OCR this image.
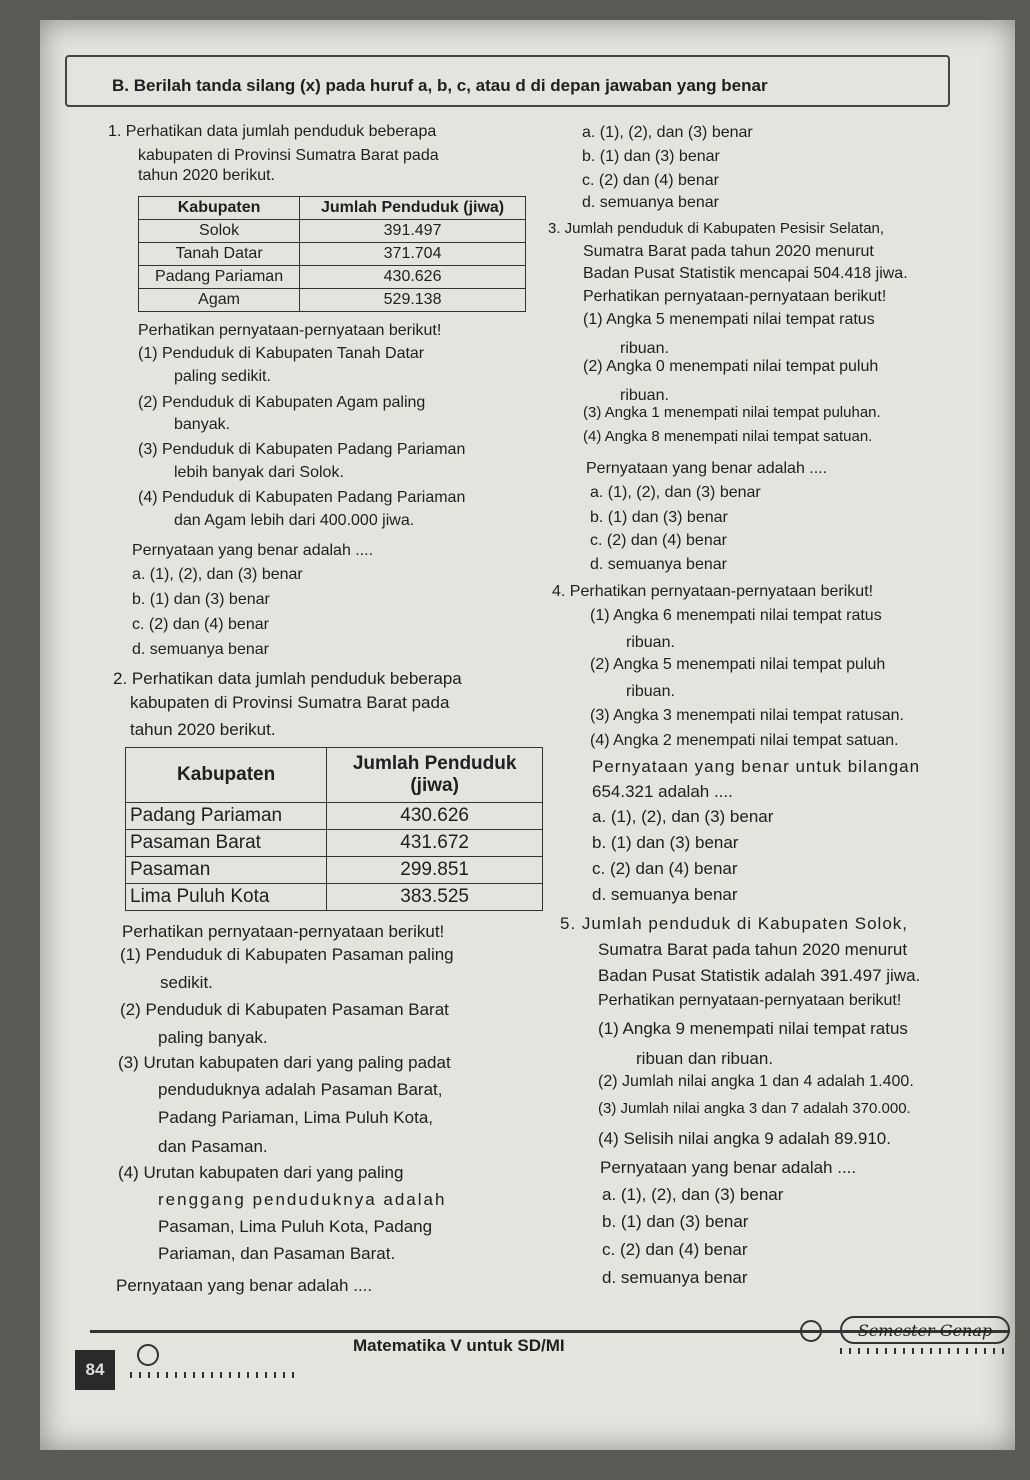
B. Berilah tanda silang (x) pada huruf a, b, c, atau d di depan jawaban yang benar
a. (1), (2), dan (3) benar
b. (1) dan (3) benar
c. (2) dan (4) benar
d. semuanya benar
1. Perhatikan data jumlah penduduk beberapa
kabupaten di Provinsi Sumatra Barat pada
tahun 2020 berikut.
Kabupaten	Jumlah Penduduk (jiwa)
Solok	391.497
Tanah Datar	371.704
Padang Pariaman	430.626
Agam	529.138
Perhatikan pernyataan-pernyataan berikut!
(1) Penduduk di Kabupaten Tanah Datar
paling sedikit.
(2) Penduduk di Kabupaten Agam paling
banyak.
(3) Penduduk di Kabupaten Padang Pariaman
lebih banyak dari Solok.
(4) Penduduk di Kabupaten Padang Pariaman
dan Agam lebih dari 400.000 jiwa.
Pernyataan yang benar adalah ....
a. (1), (2), dan (3) benar
b. (1) dan (3) benar
c. (2) dan (4) benar
d. semuanya benar
2. Perhatikan data jumlah penduduk beberapa
kabupaten di Provinsi Sumatra Barat pada
tahun 2020 berikut.
Kabupaten	Jumlah Penduduk
(jiwa)
Padang Pariaman	430.626
Pasaman Barat	431.672
Pasaman	299.851
Lima Puluh Kota	383.525
Perhatikan pernyataan-pernyataan berikut!
(1) Penduduk di Kabupaten Pasaman paling
sedikit.
(2) Penduduk di Kabupaten Pasaman Barat
paling banyak.
(3) Urutan kabupaten dari yang paling padat
penduduknya adalah Pasaman Barat,
Padang Pariaman, Lima Puluh Kota,
dan Pasaman.
(4) Urutan kabupaten dari yang paling
renggang penduduknya adalah
Pasaman, Lima Puluh Kota, Padang
Pariaman, dan Pasaman Barat.
Pernyataan yang benar adalah ....
3. Jumlah penduduk di Kabupaten Pesisir Selatan,
Sumatra Barat pada tahun 2020 menurut
Badan Pusat Statistik mencapai 504.418 jiwa.
Perhatikan pernyataan-pernyataan berikut!
(1) Angka 5 menempati nilai tempat ratus
ribuan.
(2) Angka 0 menempati nilai tempat puluh
ribuan.
(3) Angka 1 menempati nilai tempat puluhan.
(4) Angka 8 menempati nilai tempat satuan.
Pernyataan yang benar adalah ....
a. (1), (2), dan (3) benar
b. (1) dan (3) benar
c. (2) dan (4) benar
d. semuanya benar
4. Perhatikan pernyataan-pernyataan berikut!
(1) Angka 6 menempati nilai tempat ratus
ribuan.
(2) Angka 5 menempati nilai tempat puluh
ribuan.
(3) Angka 3 menempati nilai tempat ratusan.
(4) Angka 2 menempati nilai tempat satuan.
Pernyataan yang benar untuk bilangan
654.321 adalah ....
a. (1), (2), dan (3) benar
b. (1) dan (3) benar
c. (2) dan (4) benar
d. semuanya benar
5. Jumlah penduduk di Kabupaten Solok,
Sumatra Barat pada tahun 2020 menurut
Badan Pusat Statistik adalah 391.497 jiwa.
Perhatikan pernyataan-pernyataan berikut!
(1) Angka 9 menempati nilai tempat ratus
ribuan dan ribuan.
(2) Jumlah nilai angka 1 dan 4 adalah 1.400.
(3) Jumlah nilai angka 3 dan 7 adalah 370.000.
(4) Selisih nilai angka 9 adalah 89.910.
Pernyataan yang benar adalah ....
a. (1), (2), dan (3) benar
b. (1) dan (3) benar
c. (2) dan (4) benar
d. semuanya benar
Matematika V untuk SD/MI
84
Semester Genap
